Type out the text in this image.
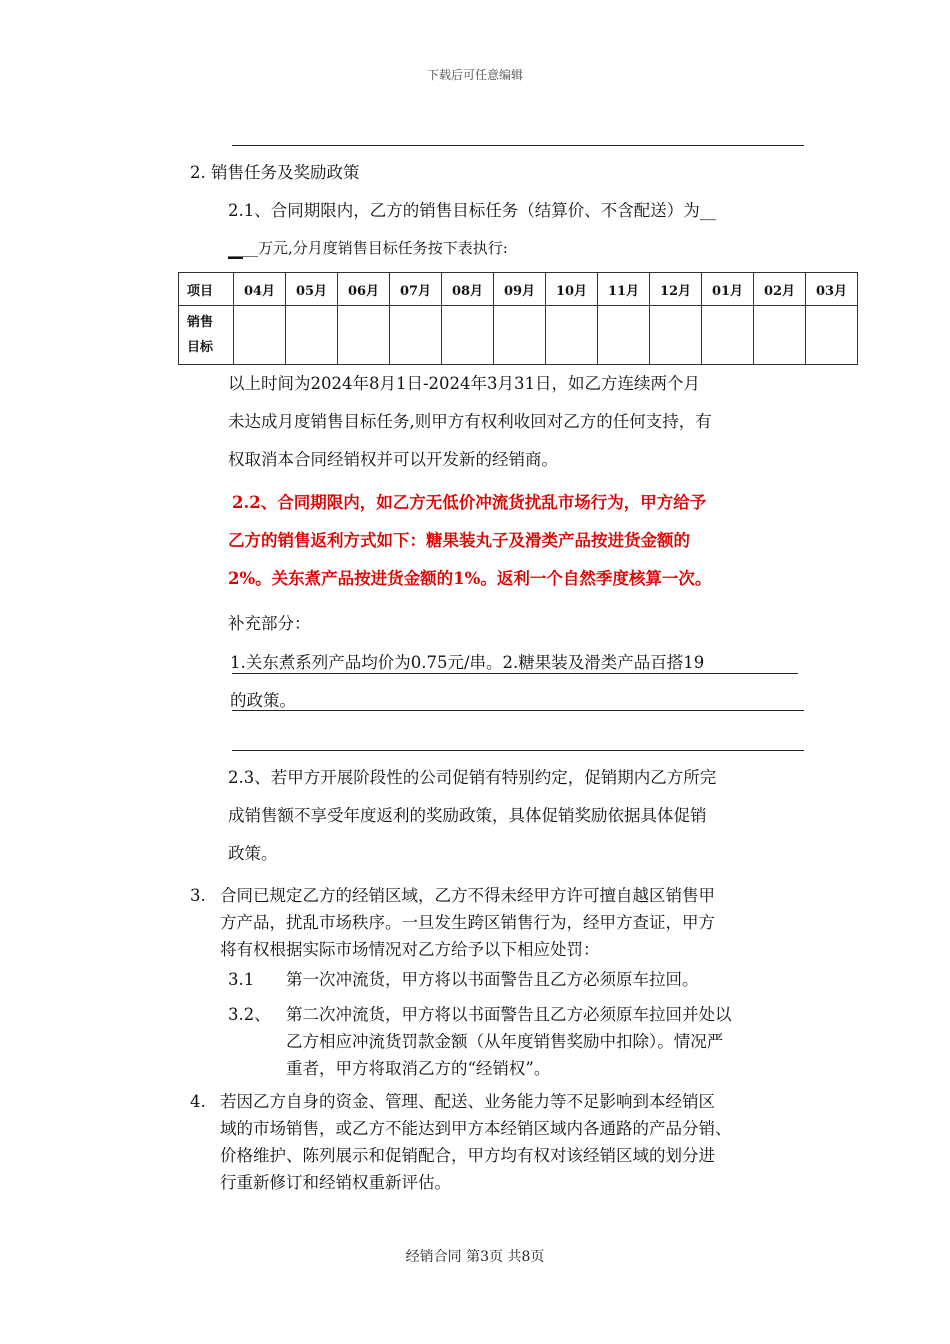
下载后可任意编辑
2. 销售任务及奖励政策
2.1、合同期限内，乙方的销售目标任务（结算价、不含配送）为__
____万元,分月度销售目标任务按下表执行:
项目	04月	05月	06月	07月	08月	09月	10月	11月	12月	01月	02月	03月
销售
目标												
以上时间为2024年8月1日-2024年3月31日，如乙方连续两个月
未达成月度销售目标任务,则甲方有权利收回对乙方的任何支持，有
权取消本合同经销权并可以开发新的经销商。
2.2、合同期限内，如乙方无低价冲流货扰乱市场行为，甲方给予
乙方的销售返利方式如下：糖果装丸子及滑类产品按进货金额的
2%。关东煮产品按进货金额的1%。返利一个自然季度核算一次。
补充部分：
1.关东煮系列产品均价为0.75元/串。2.糖果装及滑类产品百搭19
的政策。
2.3、若甲方开展阶段性的公司促销有特别约定，促销期内乙方所完
成销售额不享受年度返利的奖励政策，具体促销奖励依据具体促销
政策。
3. 合同已规定乙方的经销区域，乙方不得未经甲方许可擅自越区销售甲
方产品，扰乱市场秩序。一旦发生跨区销售行为，经甲方查证，甲方
将有权根据实际市场情况对乙方给予以下相应处罚：
3.1 第一次冲流货，甲方将以书面警告且乙方必须原车拉回。
3.2、 第二次冲流货，甲方将以书面警告且乙方必须原车拉回并处以
乙方相应冲流货罚款金额（从年度销售奖励中扣除）。情况严
重者，甲方将取消乙方的“经销权”。
4. 若因乙方自身的资金、管理、配送、业务能力等不足影响到本经销区
域的市场销售，或乙方不能达到甲方本经销区域内各通路的产品分销、
价格维护、陈列展示和促销配合，甲方均有权对该经销区域的划分进
行重新修订和经销权重新评估。
经销合同 第3页 共8页
